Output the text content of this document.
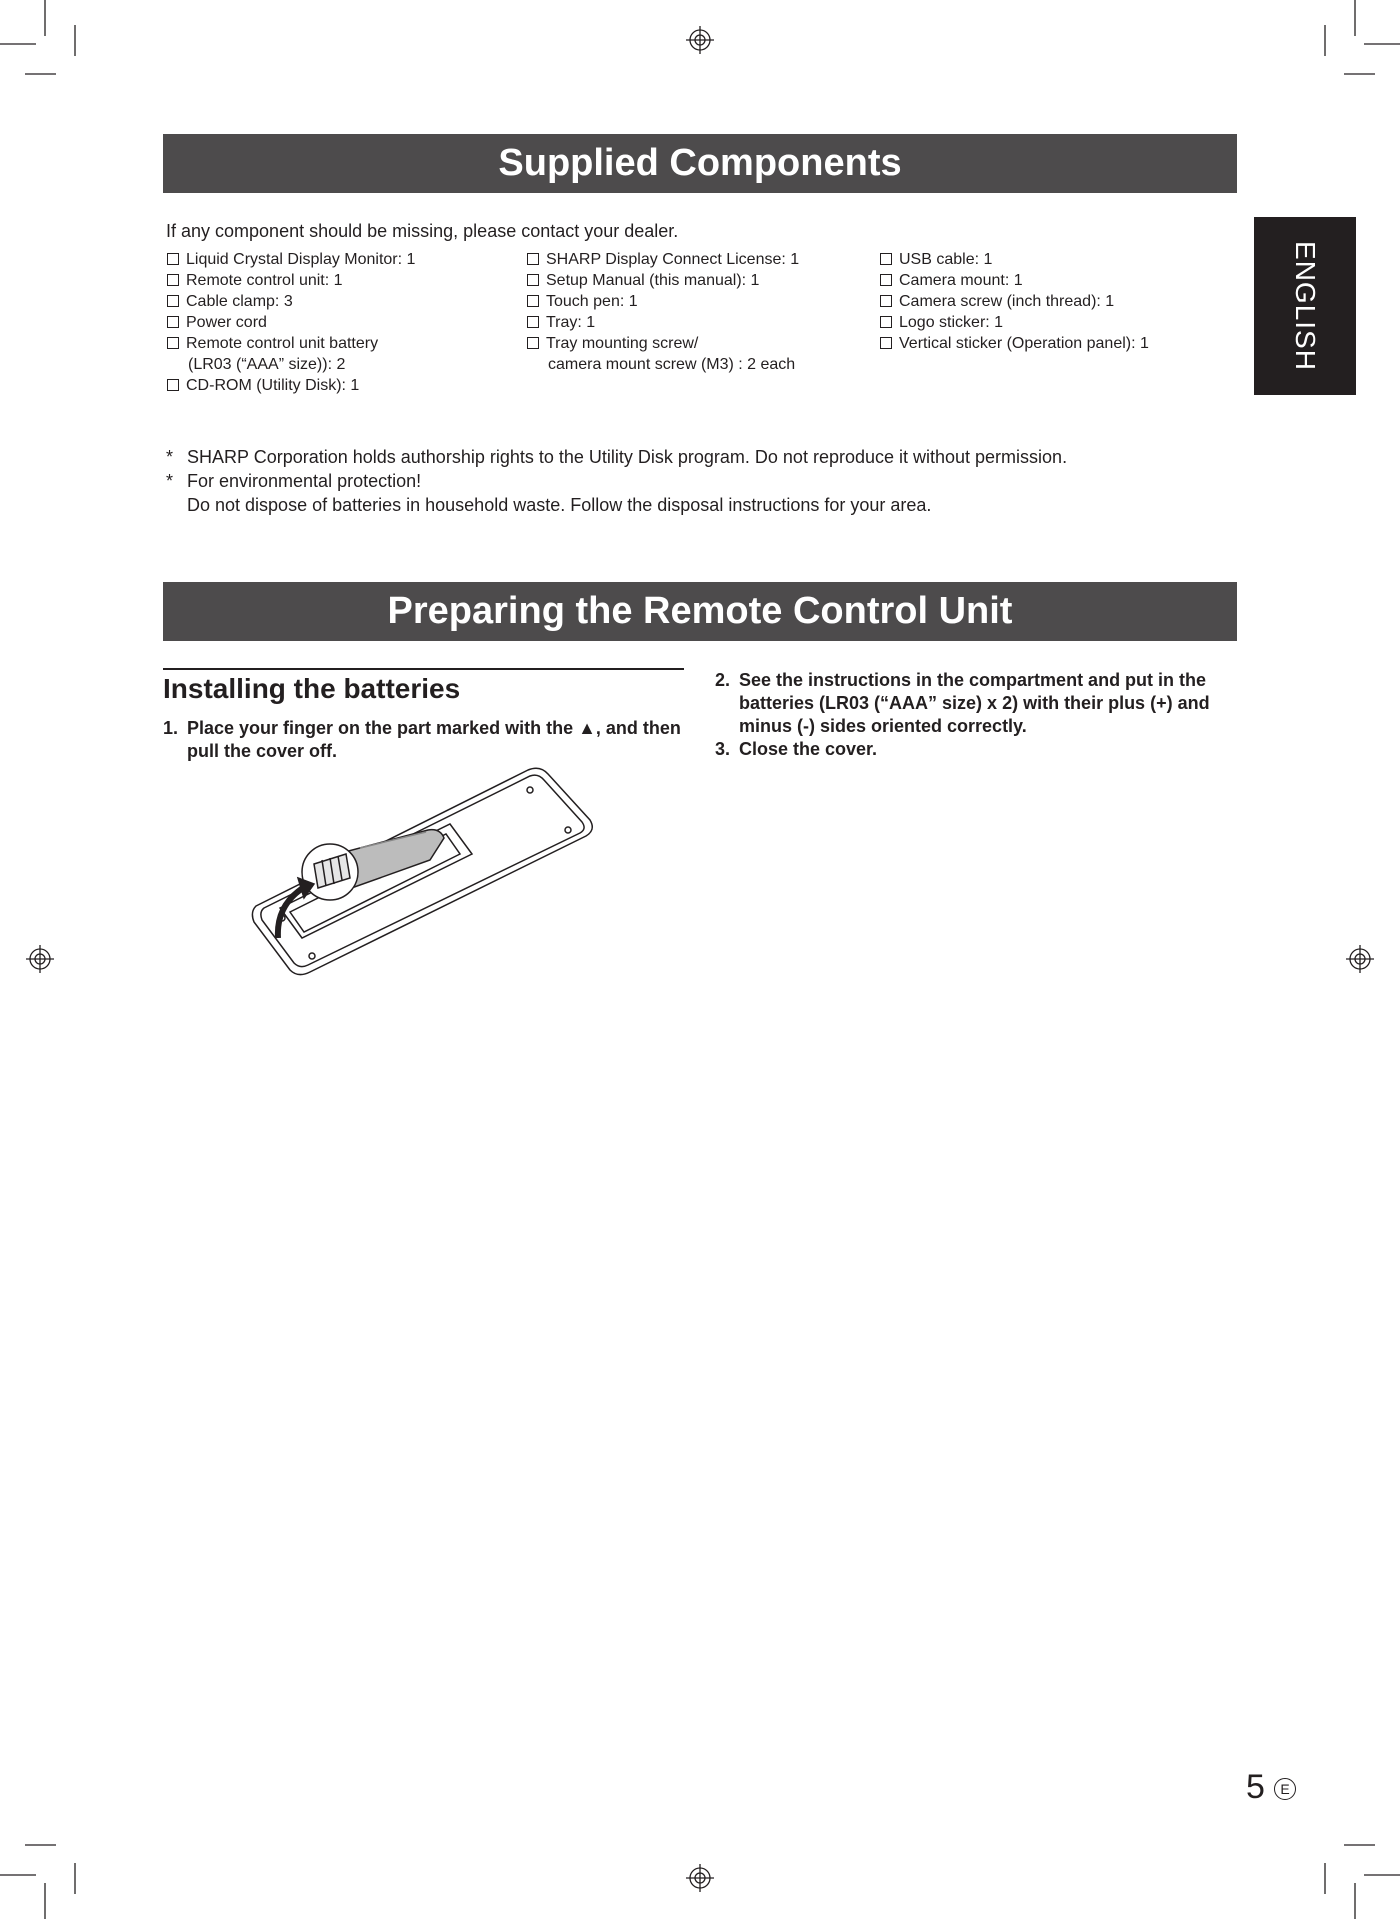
Supplied Components
ENGLISH
If any component should be missing, please contact your dealer.
Liquid Crystal Display Monitor: 1
Remote control unit: 1
Cable clamp: 3
Power cord
Remote control unit battery
(LR03 (“AAA” size)): 2
CD-ROM (Utility Disk): 1
SHARP Display Connect License: 1
Setup Manual (this manual): 1
Touch pen: 1
Tray: 1
Tray mounting screw/
camera mount screw (M3) : 2 each
USB cable: 1
Camera mount: 1
Camera screw (inch thread): 1
Logo sticker: 1
Vertical sticker (Operation panel): 1
* SHARP Corporation holds authorship rights to the Utility Disk program. Do not reproduce it without permission.
* For environmental protection!
Do not dispose of batteries in household waste. Follow the disposal instructions for your area.
Preparing the Remote Control Unit
Installing the batteries
1. Place your finger on the part marked with the ▲, and then pull the cover off.
2. See the instructions in the compartment and put in the batteries (LR03 (“AAA” size) x 2) with their plus (+) and minus (-) sides oriented correctly.
3. Close the cover.
5	E
